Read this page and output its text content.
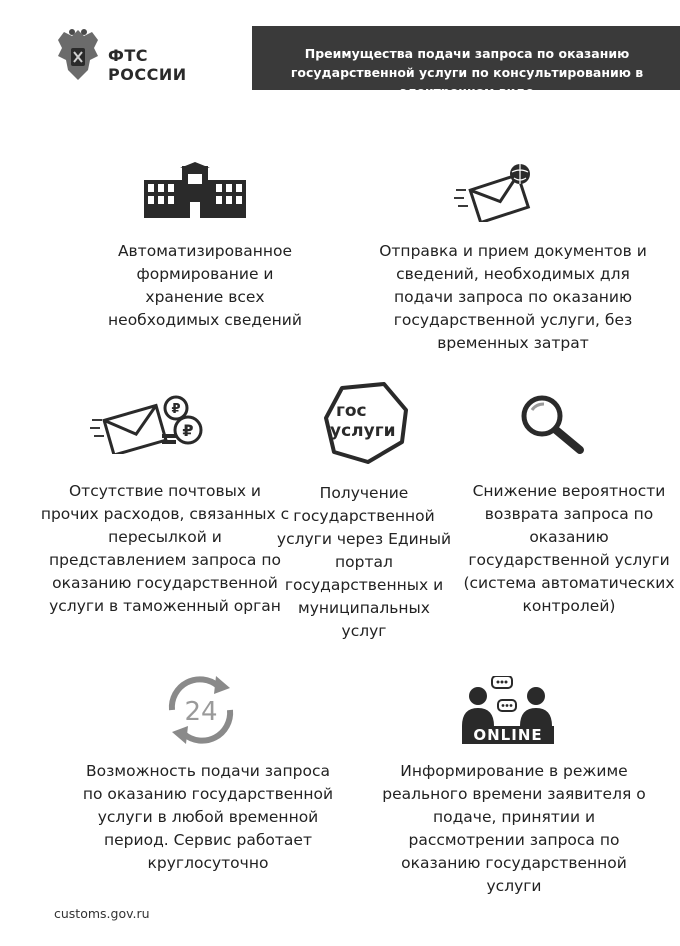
ФТС
РОССИИ
Преимущества подачи запроса по оказанию государственной услуги по консультированию в электронном виде
Автоматизированное формирование и хранение всех необходимых сведений
Отправка и прием документов и сведений, необходимых для подачи запроса по оказанию государственной услуги, без временных затрат
₽
₽
гос
услуги
Отсутствие почтовых и прочих расходов, связанных с пересылкой и представлением запроса по оказанию государственной услуги в таможенный орган
Получение государственной услуги через Единый портал государственных и муниципальных услуг
Снижение вероятности возврата запроса по оказанию государственной услуги (система автоматических контролей)
24
ONLINE
Возможность подачи запроса по оказанию государственной услуги в любой временной период. Сервис работает круглосуточно
Информирование в режиме реального времени заявителя о подаче, принятии и рассмотрении запроса по оказанию государственной услуги
customs.gov.ru
